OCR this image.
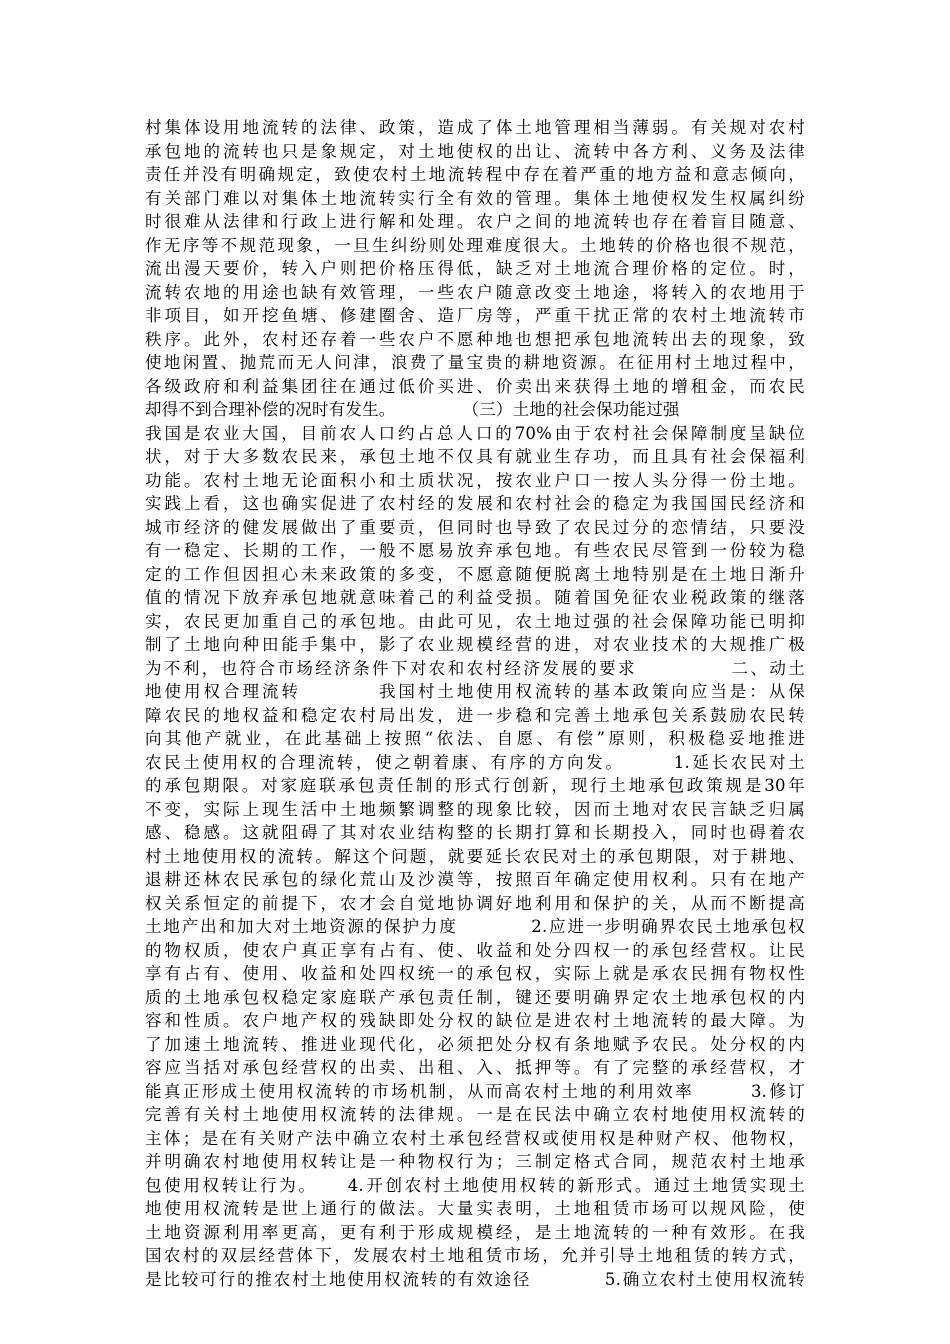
村集体设用地流转的法律、政策，造成了体土地管理相当薄弱。有关规对农村
承包地的流转也只是象规定，对土地使权的出让、流转中各方利、义务及法律
责任并没有明确规定，致使农村土地流转程中存在着严重的地方益和意志倾向，
有关部门难以对集体土地流转实行全有效的管理。集体土地使权发生权属纠纷
时很难从法律和行政上进行解和处理。农户之间的地流转也存在着盲目随意、
作无序等不规范现象，一旦生纠纷则处理难度很大。土地转的价格也很不规范，
流出漫天要价，转入户则把价格压得低，缺乏对土地流合理价格的定位。时，
流转农地的用途也缺有效管理，一些农户随意改变土地途，将转入的农地用于
非项目，如开挖鱼塘、修建圈舍、造厂房等，严重干扰正常的农村土地流转市
秩序。此外，农村还存着一些农户不愿种地也想把承包地流转出去的现象，致
使地闲置、抛荒而无人问津，浪费了量宝贵的耕地资源。在征用村土地过程中，
各级政府和利益集团往在通过低价买进、价卖出来获得土地的增租金，而农民
却得不到合理补偿的况时有发生。　　　　　（三）土地的社会保功能过强
我国是农业大国，目前农人口约占总人口的70%由于农村社会保障制度呈缺位
状，对于大多数农民来，承包土地不仅具有就业生存功，而且具有社会保福利
功能。农村土地无论面积小和土质状况，按农业户口一按人头分得一份土地。
实践上看，这也确实促进了农村经的发展和农村社会的稳定为我国国民经济和
城市经济的健发展做出了重要贡，但同时也导致了农民过分的恋情结，只要没
有一稳定、长期的工作，一般不愿易放弃承包地。有些农民尽管到一份较为稳
定的工作但因担心未来政策的多变，不愿意随便脱离土地特别是在土地日渐升
值的情况下放弃承包地就意味着己的利益受损。随着国免征农业税政策的继落
实，农民更加重自己的承包地。由此可见，农土地过强的社会保障功能已明抑
制了土地向种田能手集中，影了农业规模经营的进，对农业技术的大规推广极
为不利，也符合市场经济条件下对农和农村经济发展的要求　　　　　二、动土
地使用权合理流转　　　　我国村土地使用权流转的基本政策向应当是：从保
障农民的地权益和稳定农村局出发，进一步稳和完善土地承包关系鼓励农民转
向其他产就业，在此基础上按照“依法、自愿、有偿”原则，积极稳妥地推进
农民土使用权的合理流转，使之朝着康、有序的方向发。　　　1.延长农民对土
的承包期限。对家庭联承包责任制的形式行创新，现行土地承包政策规是30年
不变，实际上现生活中土地频繁调整的现象比较，因而土地对农民言缺乏归属
感、稳感。这就阻碍了其对农业结构整的长期打算和长期投入，同时也碍着农
村土地使用权的流转。解这个问题，就要延长农民对土的承包期限，对于耕地、
退耕还林农民承包的绿化荒山及沙漠等，按照百年确定使用权利。只有在地产
权关系恒定的前提下，农才会自觉地协调好地利用和保护的关，从而不断提高
土地产出和加大对土地资源的保护力度　　　　2.应进一步明确界农民土地承包权
的物权质，使农户真正享有占有、使、收益和处分四权一的承包经营权。让民
享有占有、使用、收益和处四权统一的承包权，实际上就是承农民拥有物权性
质的土地承包权稳定家庭联产承包责任制，键还要明确界定农土地承包权的内
容和性质。农户地产权的残缺即处分权的缺位是进农村土地流转的最大障。为
了加速土地流转、推进业现代化，必须把处分权有条地赋予农民。处分权的内
容应当括对承包经营权的出卖、出租、入、抵押等。有了完整的承经营权，才
能真正形成土使用权流转的市场机制，从而高农村土地的利用效率　　　3.修订
完善有关村土地使用权流转的法律规。一是在民法中确立农村地使用权流转的
主体；是在有关财产法中确立农村土承包经营权或使用权是种财产权、他物权，
并明确农村地使用权转让是一种物权行为；三制定格式合同，规范农村土地承
包使用权转让行为。　　4.开创农村土地使用权转的新形式。通过土地赁实现土
地使用权流转是世上通行的做法。大量实表明，土地租赁市场可以规风险，使
土地资源利用率更高，更有利于形成规模经，是土地流转的一种有效形。在我
国农村的双层经营体下，发展农村土地租赁市场，允并引导土地租赁的转方式，
是比较可行的推农村土地使用权流转的有效途径　　　　5.确立农村土使用权流转
